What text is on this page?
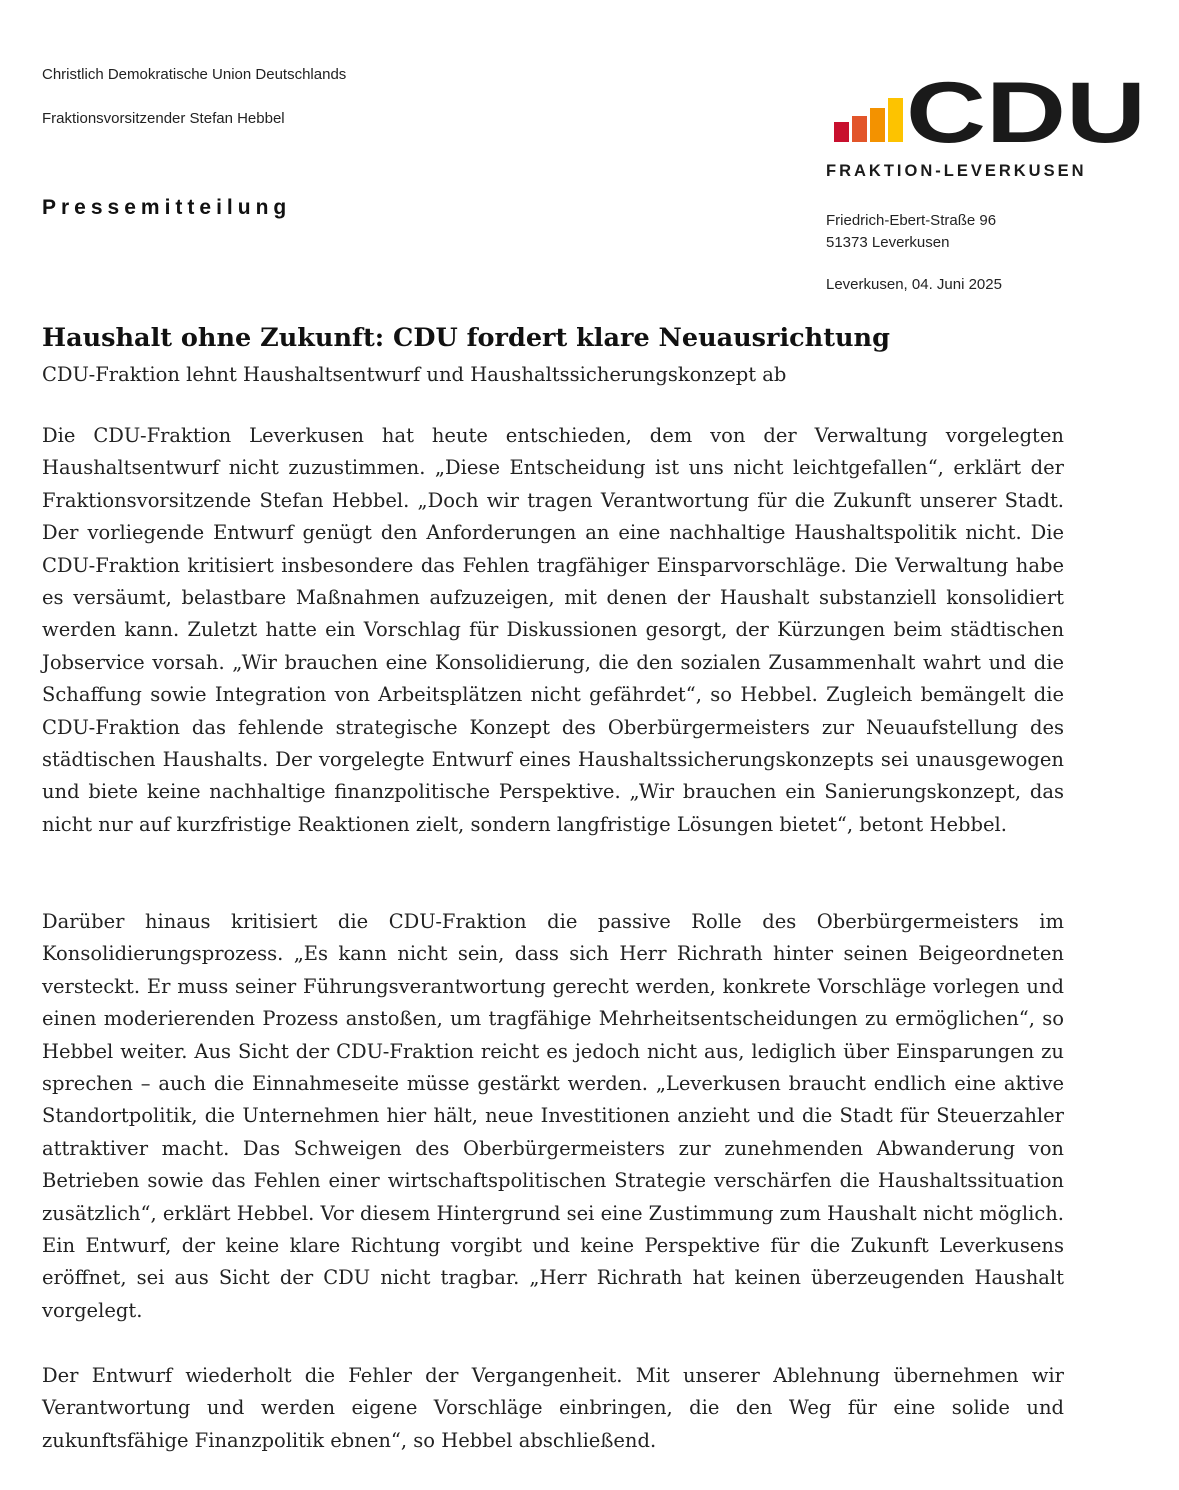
Christlich Demokratische Union Deutschlands
Fraktionsvorsitzender Stefan Hebbel
Pressemitteilung
CDU
FRAKTION-LEVERKUSEN
Friedrich-Ebert-Straße 96
51373 Leverkusen
Leverkusen, 04. Juni 2025
Haushalt ohne Zukunft: CDU fordert klare Neuausrichtung
CDU-Fraktion lehnt Haushaltsentwurf und Haushaltssicherungskonzept ab

Die CDU-Fraktion Leverkusen hat heute entschieden, dem von der Verwaltung vorgelegten Haushaltsentwurf nicht zuzustimmen. „Diese Entscheidung ist uns nicht leichtgefallen“, erklärt der Fraktionsvorsitzende Stefan Hebbel. „Doch wir tragen Verantwortung für die Zukunft unserer Stadt. Der vorliegende Entwurf genügt den Anforderungen an eine nachhaltige Haushaltspolitik nicht. Die CDU-Fraktion kritisiert insbesondere das Fehlen tragfähiger Einsparvorschläge. Die Verwaltung habe es versäumt, belastbare Maßnahmen aufzuzeigen, mit denen der Haushalt substanziell konsolidiert werden kann. Zuletzt hatte ein Vorschlag für Diskussionen gesorgt, der Kürzungen beim städtischen Jobservice vorsah. „Wir brauchen eine Konsolidierung, die den sozialen Zusammenhalt wahrt und die Schaffung sowie Integration von Arbeitsplätzen nicht gefährdet“, so Hebbel. Zugleich bemängelt die CDU-Fraktion das fehlende strategische Konzept des Oberbürgermeisters zur Neuaufstellung des städtischen Haushalts. Der vorgelegte Entwurf eines Haushaltssicherungskonzepts sei unausgewogen und biete keine nachhaltige finanzpolitische Perspektive. „Wir brauchen ein Sanierungskonzept, das nicht nur auf kurzfristige Reaktionen zielt, sondern langfristige Lösungen bietet“, betont Hebbel.

Darüber hinaus kritisiert die CDU-Fraktion die passive Rolle des Oberbürgermeisters im Konsolidierungsprozess. „Es kann nicht sein, dass sich Herr Richrath hinter seinen Beigeordneten versteckt. Er muss seiner Führungsverantwortung gerecht werden, konkrete Vorschläge vorlegen und einen moderierenden Prozess anstoßen, um tragfähige Mehrheitsentscheidungen zu ermöglichen“, so Hebbel weiter. Aus Sicht der CDU-Fraktion reicht es jedoch nicht aus, lediglich über Einsparungen zu sprechen – auch die Einnahmeseite müsse gestärkt werden. „Leverkusen braucht endlich eine aktive Standortpolitik, die Unternehmen hier hält, neue Investitionen anzieht und die Stadt für Steuerzahler attraktiver macht. Das Schweigen des Oberbürgermeisters zur zunehmenden Abwanderung von Betrieben sowie das Fehlen einer wirtschaftspolitischen Strategie verschärfen die Haushaltssituation zusätzlich“, erklärt Hebbel. Vor diesem Hintergrund sei eine Zustimmung zum Haushalt nicht möglich. Ein Entwurf, der keine klare Richtung vorgibt und keine Perspektive für die Zukunft Leverkusens eröffnet, sei aus Sicht der CDU nicht tragbar. „Herr Richrath hat keinen überzeugenden Haushalt vorgelegt.

Der Entwurf wiederholt die Fehler der Vergangenheit. Mit unserer Ablehnung übernehmen wir Verantwortung und werden eigene Vorschläge einbringen, die den Weg für eine solide und zukunftsfähige Finanzpolitik ebnen“, so Hebbel abschließend.
